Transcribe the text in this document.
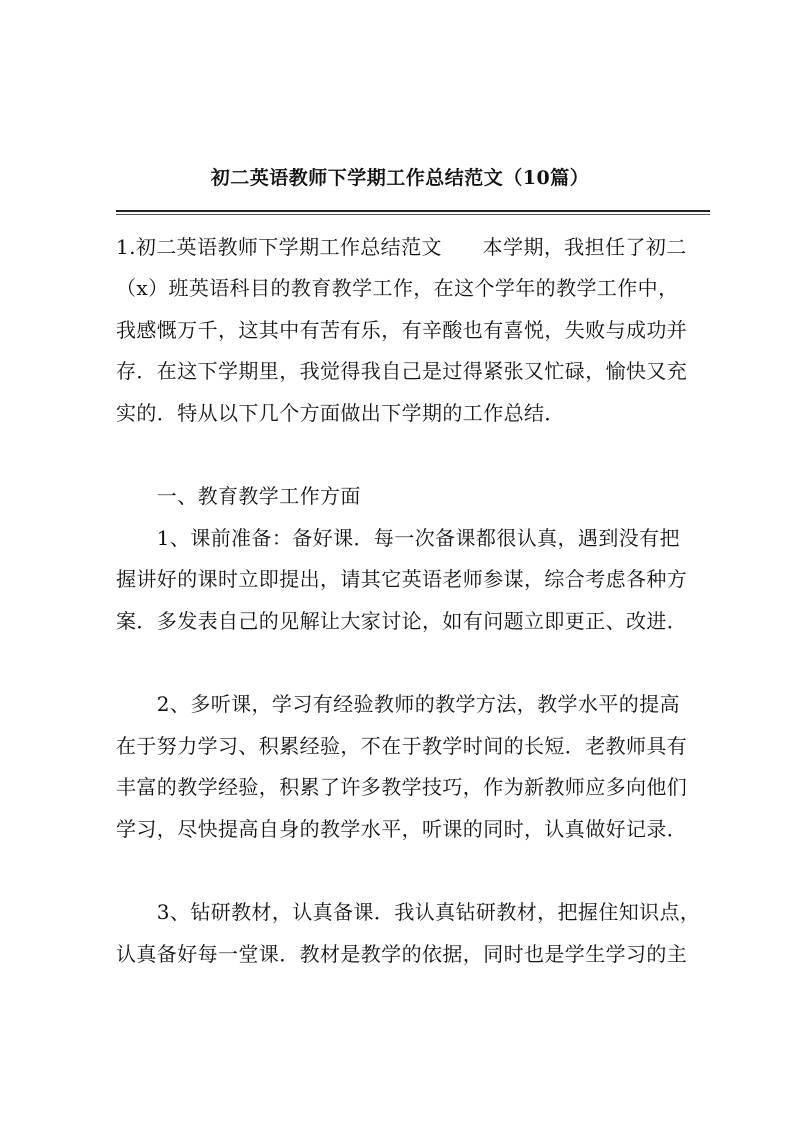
初二英语教师下学期工作总结范文（10篇）
1.初二英语教师下学期工作总结范文　　本学期，我担任了初二
（x）班英语科目的教育教学工作，在这个学年的教学工作中，
我感慨万千，这其中有苦有乐，有辛酸也有喜悦，失败与成功并
存．在这下学期里，我觉得我自己是过得紧张又忙碌，愉快又充
实的．特从以下几个方面做出下学期的工作总结．
　　一、教育教学工作方面
　　1、课前准备：备好课．每一次备课都很认真，遇到没有把
握讲好的课时立即提出，请其它英语老师参谋，综合考虑各种方
案．多发表自己的见解让大家讨论，如有问题立即更正、改进．
　　2、多听课，学习有经验教师的教学方法，教学水平的提高
在于努力学习、积累经验，不在于教学时间的长短．老教师具有
丰富的教学经验，积累了许多教学技巧，作为新教师应多向他们
学习，尽快提高自身的教学水平，听课的同时，认真做好记录．
　　3、钻研教材，认真备课．我认真钻研教材，把握住知识点，
认真备好每一堂课．教材是教学的依据，同时也是学生学习的主
